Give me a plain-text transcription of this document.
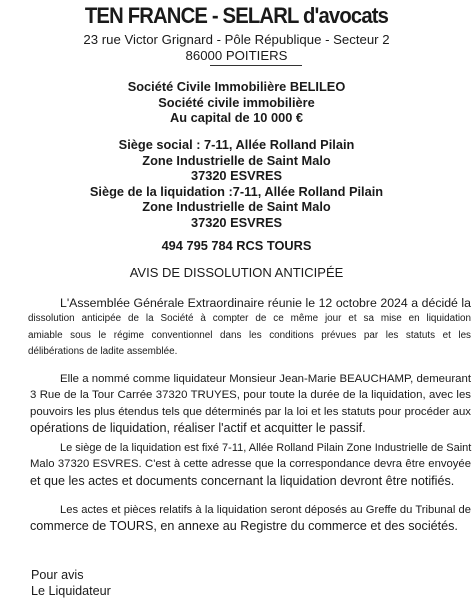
TEN FRANCE - SELARL d'avocats
23 rue Victor Grignard - Pôle République - Secteur 2
86000 POITIERS
Société Civile Immobilière BELILEO
Société civile immobilière
Au capital de 10 000 €
Siège social : 7-11, Allée Rolland Pilain
Zone Industrielle de Saint Malo
37320 ESVRES
Siège de la liquidation :7-11, Allée Rolland Pilain
Zone Industrielle de Saint Malo
37320 ESVRES
494 795 784 RCS TOURS
AVIS DE DISSOLUTION ANTICIPÉE
L'Assemblée Générale Extraordinaire réunie le 12 octobre 2024 a décidé la
dissolution anticipée de la Société à compter de ce même jour et sa mise en liquidation
amiable sous le régime conventionnel dans les conditions prévues par les statuts et les
délibérations de ladite assemblée.
Elle a nommé comme liquidateur Monsieur Jean-Marie BEAUCHAMP, demeurant
3 Rue de la Tour Carrée 37320 TRUYES, pour toute la durée de la liquidation, avec les
pouvoirs les plus étendus tels que déterminés par la loi et les statuts pour procéder aux
opérations de liquidation, réaliser l'actif et acquitter le passif.
Le siège de la liquidation est fixé 7-11, Allée Rolland Pilain Zone Industrielle de Saint
Malo 37320 ESVRES. C'est à cette adresse que la correspondance devra être envoyée
et que les actes et documents concernant la liquidation devront être notifiés.
Les actes et pièces relatifs à la liquidation seront déposés au Greffe du Tribunal de
commerce de TOURS, en annexe au Registre du commerce et des sociétés.
Pour avis
Le Liquidateur
